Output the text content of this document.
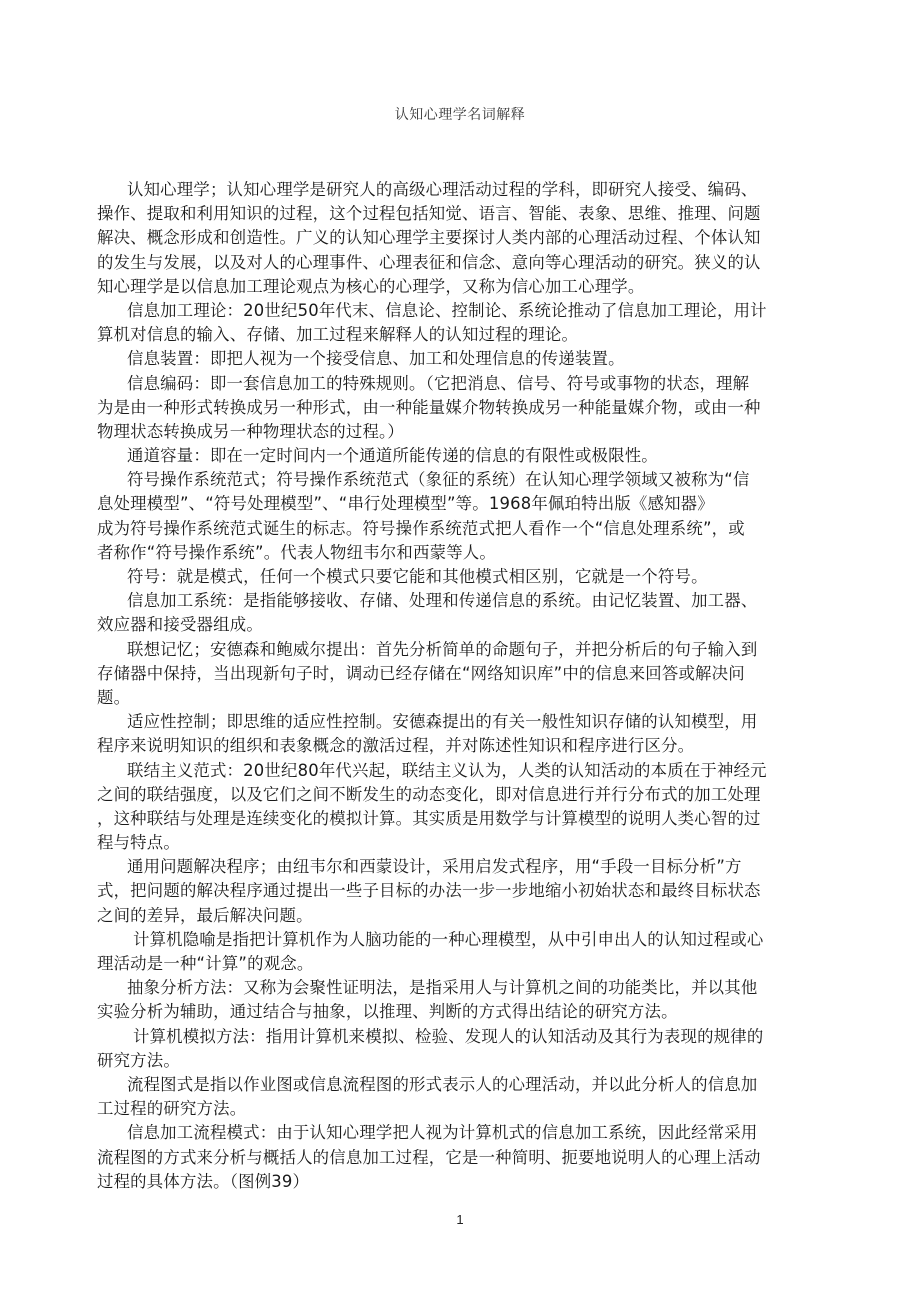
认知心理学名词解释
认知心理学；认知心理学是研究人的高级心理活动过程的学科，即研究人接受、编码、
操作、提取和利用知识的过程，这个过程包括知觉、语言、智能、表象、思维、推理、问题
解决、概念形成和创造性。广义的认知心理学主要探讨人类内部的心理活动过程、个体认知
的发生与发展，以及对人的心理事件、心理表征和信念、意向等心理活动的研究。狭义的认
知心理学是以信息加工理论观点为核心的心理学，又称为信心加工心理学。
信息加工理论：20世纪50年代末、信息论、控制论、系统论推动了信息加工理论，用计
算机对信息的输入、存储、加工过程来解释人的认知过程的理论。
信息装置：即把人视为一个接受信息、加工和处理信息的传递装置。
信息编码：即一套信息加工的特殊规则。（它把消息、信号、符号或事物的状态，理解
为是由一种形式转换成另一种形式，由一种能量媒介物转换成另一种能量媒介物，或由一种
物理状态转换成另一种物理状态的过程。）
通道容量：即在一定时间内一个通道所能传递的信息的有限性或极限性。
符号操作系统范式；符号操作系统范式（象征的系统）在认知心理学领域又被称为“信
息处理模型”、“符号处理模型”、“串行处理模型”等。1968年佩珀特出版《感知器》
成为符号操作系统范式诞生的标志。符号操作系统范式把人看作一个“信息处理系统”，或
者称作“符号操作系统”。代表人物纽韦尔和西蒙等人。
符号：就是模式，任何一个模式只要它能和其他模式相区别，它就是一个符号。
信息加工系统：是指能够接收、存储、处理和传递信息的系统。由记忆装置、加工器、
效应器和接受器组成。
联想记忆；安德森和鲍威尔提出：首先分析简单的命题句子，并把分析后的句子输入到
存储器中保持，当出现新句子时，调动已经存储在“网络知识库”中的信息来回答或解决问
题。
适应性控制；即思维的适应性控制。安德森提出的有关一般性知识存储的认知模型，用
程序来说明知识的组织和表象概念的激活过程，并对陈述性知识和程序进行区分。
联结主义范式：20世纪80年代兴起，联结主义认为，人类的认知活动的本质在于神经元
之间的联结强度，以及它们之间不断发生的动态变化，即对信息进行并行分布式的加工处理
，这种联结与处理是连续变化的模拟计算。其实质是用数学与计算模型的说明人类心智的过
程与特点。
通用问题解决程序；由纽韦尔和西蒙设计，采用启发式程序，用“手段一目标分析”方
式，把问题的解决程序通过提出一些子目标的办法一步一步地缩小初始状态和最终目标状态
之间的差异，最后解决问题。
计算机隐喻是指把计算机作为人脑功能的一种心理模型，从中引申出人的认知过程或心
理活动是一种“计算”的观念。
抽象分析方法：又称为会聚性证明法，是指采用人与计算机之间的功能类比，并以其他
实验分析为辅助，通过结合与抽象，以推理、判断的方式得出结论的研究方法。
计算机模拟方法：指用计算机来模拟、检验、发现人的认知活动及其行为表现的规律的
研究方法。
流程图式是指以作业图或信息流程图的形式表示人的心理活动，并以此分析人的信息加
工过程的研究方法。
信息加工流程模式：由于认知心理学把人视为计算机式的信息加工系统，因此经常采用
流程图的方式来分析与概括人的信息加工过程，它是一种简明、扼要地说明人的心理上活动
过程的具体方法。（图例39）
1
